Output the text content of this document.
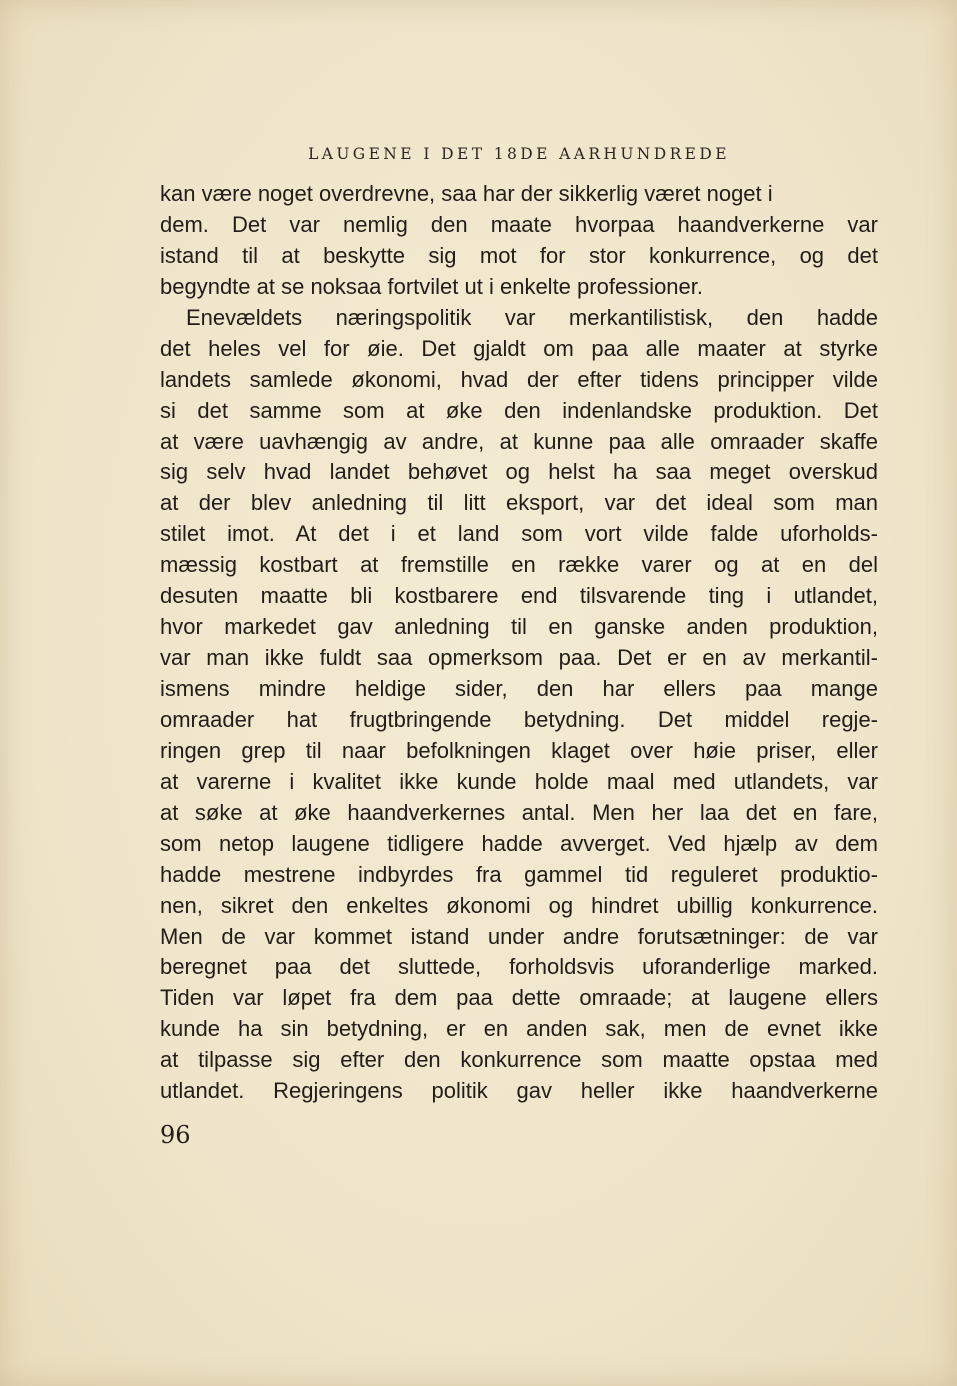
LAUGENE I DET 18DE AARHUNDREDE
kan være noget overdrevne, saa har der sikkerlig været noget i
dem. Det var nemlig den maate hvorpaa haandverkerne var
istand til at beskytte sig mot for stor konkurrence, og det
begyndte at se noksaa fortvilet ut i enkelte professioner.
Enevældets næringspolitik var merkantilistisk, den hadde
det heles vel for øie. Det gjaldt om paa alle maater at styrke
landets samlede økonomi, hvad der efter tidens principper vilde
si det samme som at øke den indenlandske produktion. Det
at være uavhængig av andre, at kunne paa alle omraader skaffe
sig selv hvad landet behøvet og helst ha saa meget overskud
at der blev anledning til litt eksport, var det ideal som man
stilet imot. At det i et land som vort vilde falde uforholds-
mæssig kostbart at fremstille en række varer og at en del
desuten maatte bli kostbarere end tilsvarende ting i utlandet,
hvor markedet gav anledning til en ganske anden produktion,
var man ikke fuldt saa opmerksom paa. Det er en av merkantil-
ismens mindre heldige sider, den har ellers paa mange
omraader hat frugtbringende betydning. Det middel regje-
ringen grep til naar befolkningen klaget over høie priser, eller
at varerne i kvalitet ikke kunde holde maal med utlandets, var
at søke at øke haandverkernes antal. Men her laa det en fare,
som netop laugene tidligere hadde avverget. Ved hjælp av dem
hadde mestrene indbyrdes fra gammel tid reguleret produktio-
nen, sikret den enkeltes økonomi og hindret ubillig konkurrence.
Men de var kommet istand under andre forutsætninger: de var
beregnet paa det sluttede, forholdsvis uforanderlige marked.
Tiden var løpet fra dem paa dette omraade; at laugene ellers
kunde ha sin betydning, er en anden sak, men de evnet ikke
at tilpasse sig efter den konkurrence som maatte opstaa med
utlandet. Regjeringens politik gav heller ikke haandverkerne
96
